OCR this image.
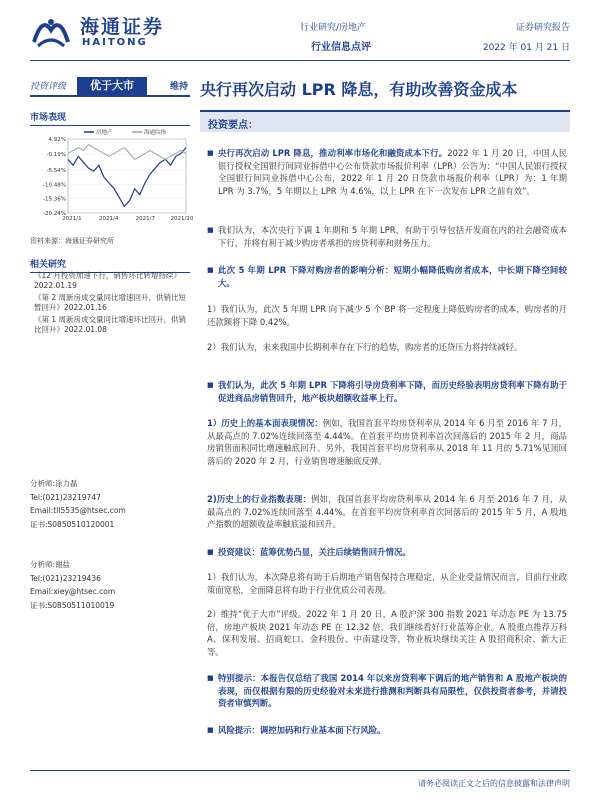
海通证券
HAITONG
行业研究/房地产
行业信息点评
证券研究报告
2022 年 01 月 21 日
投资评级	优于大市	维持 央行再次启动 LPR 降息，有助改善资金成本
市场表现
4.92%
-0.19%
-5.54%
-10.48%
-15.36%
-20.24%
2021/1	2021/4	2021/7	2021/10
房地产	海通综指
资料来源：海通证券研究所
相关研究
《12 月投资加速下行，销售环比转增持续》2022.01.19
《第 2 周新房成交量同比增速回升，供销比短暂回升》2022.01.16
《第 1 周新房成交量同比增速环比回升，供销比回升》2022.01.08
分析师:涂力磊
Tel:(021)23219747
Email:tll5535@htsec.com
证书:S0850510120001
分析师:谢盐
Tel:(021)23219436
Email:xiey@htsec.com
证书:S0850511010019
投资要点：
■ 央行再次启动 LPR 降息，推动利率市场化和融资成本下行。2022 年 1 月 20 日，中国人民银行授权全国银行间同业拆借中心公布贷款市场报价利率（LPR）公告为：“中国人民银行授权全国银行间同业拆借中心公布，2022 年 1 月 20 日贷款市场报价利率（LPR）为：1 年期 LPR 为 3.7%，5 年期以上 LPR 为 4.6%，以上 LPR 在下一次发布 LPR 之前有效”。
■ 我们认为，本次央行下调 1 年期和 5 年期 LPR，有助于引导包括开发商在内的社会融资成本下行，并将有利于减少购房者承担的房贷利率和财务压力。
■ 此次 5 年期 LPR 下降对购房者的影响分析：短期小幅降低购房者成本，中长期下降空间较大。
1）我们认为，此次 5 年期 LPR 向下减少 5 个 BP 将一定程度上降低购房者的成本，购房者的月还款额将下降 0.42%。
2）我们认为，未来我国中长期利率存在下行的趋势，购房者的还贷压力将持续减轻。
■ 我们认为，此次 5 年期 LPR 下降将引导房贷利率下降，而历史经验表明房贷利率下降有助于促进商品房销售回升，地产板块超额收益率上行。
1）历史上的基本面表现情况：例如，我国首套平均房贷利率从 2014 年 6 月至 2016 年 7 月，从最高点的 7.02%连续回落至 4.44%。在首套平均房贷利率首次回落后的 2015 年 2 月，商品房销售面积同比增速触底回升。另外，我国首套平均房贷利率从 2018 年 11 月的 5.71%见顶回落后的 2020 年 2 月，行业销售增速触底反弹。
2)历史上的行业指数表现：例如，我国首套平均房贷利率从 2014 年 6 月至 2016 年 7 月，从最高点的 7.02%连续回落至 4.44%。在首套平均房贷利率首次回落后的 2015 年 5 月，A 股地产指数的超额收益率触底溢和回升。
■ 投资建议：蓝筹优势凸显，关注后续销售回升情况。
1）我们认为，本次降息将有助于后期地产销售保持合理稳定，从企业受益情况而言，目前行业政策面宽松，全面降息将有助于行业优质公司表现。
2）维持“优于大市”评级。2022 年 1 月 20 日，A 股沪深 300 指数 2021 年动态 PE 为 13.75 倍，房地产板块 2021 年动态 PE 在 12.32 倍，我们继续看好行业蓝筹企业。A 股重点推荐万科 A、保利发展、招商蛇口、金科股份、中南建设等，物业板块继续关注 A 股招商积余、新大正等。
■ 特别提示：本报告仅总结了我国 2014 年以来房贷利率下调后的地产销售和 A 股地产板块的表现，而仅根据有限的历史经验对未来进行推测和判断具有局限性，仅供投资者参考，并请投资者审慎判断。
■ 风险提示：调控加码和行业基本面下行风险。
请务必阅读正文之后的信息披露和法律声明
